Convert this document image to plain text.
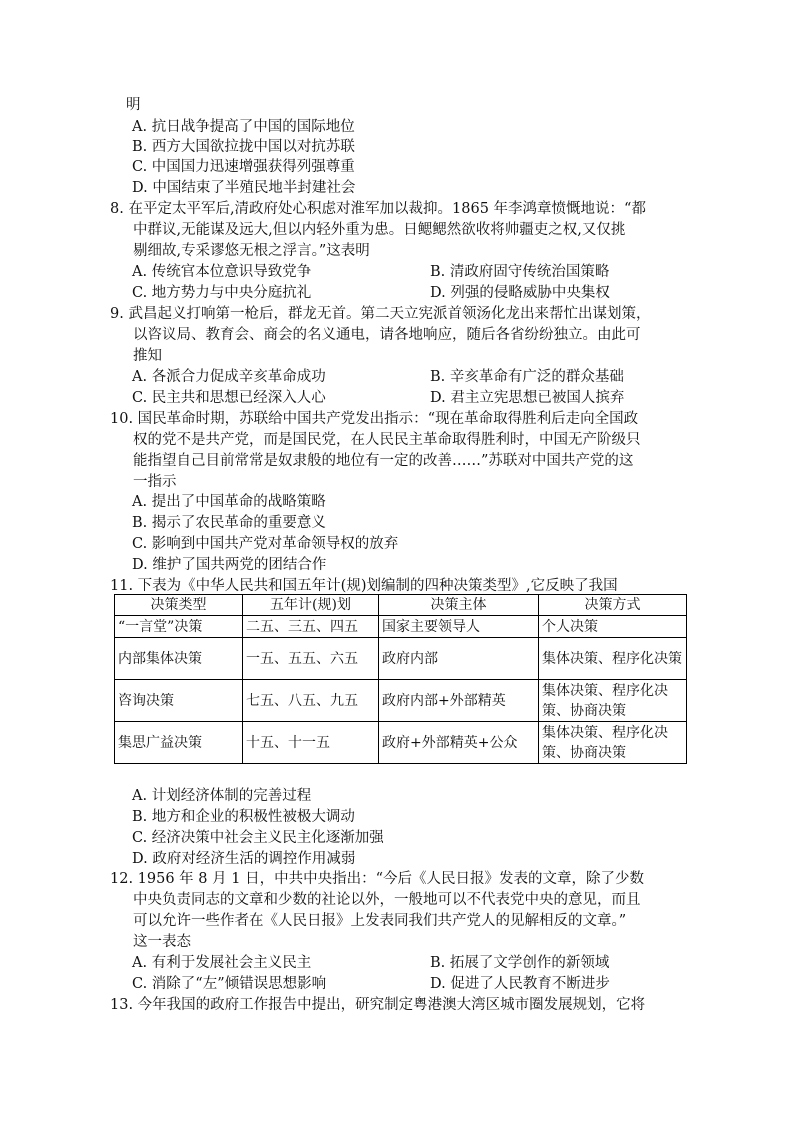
明
A. 抗日战争提高了中国的国际地位
B. 西方大国欲拉拢中国以对抗苏联
C. 中国国力迅速增强获得列强尊重
D. 中国结束了半殖民地半封建社会
8. 在平定太平军后,清政府处心积虑对淮军加以裁抑。1865 年李鸿章愤慨地说：“都
中群议,无能谋及远大,但以内轻外重为患。日鳃鳃然欲收将帅疆吏之权,又仅挑
剔细故,专采谬悠无根之浮言。”这表明
A. 传统官本位意识导致党争	B. 清政府固守传统治国策略
C. 地方势力与中央分庭抗礼	D. 列强的侵略威胁中央集权
9. 武昌起义打响第一枪后，群龙无首。第二天立宪派首领汤化龙出来帮忙出谋划策，
以咨议局、教育会、商会的名义通电，请各地响应，随后各省纷纷独立。由此可
推知
A. 各派合力促成辛亥革命成功	B. 辛亥革命有广泛的群众基础
C. 民主共和思想已经深入人心	D. 君主立宪思想已被国人摈弃
10. 国民革命时期，苏联给中国共产党发出指示：“现在革命取得胜利后走向全国政
权的党不是共产党，而是国民党，在人民民主革命取得胜利时，中国无产阶级只
能指望自己目前常常是奴隶般的地位有一定的改善……”苏联对中国共产党的这
一指示
A. 提出了中国革命的战略策略
B. 揭示了农民革命的重要意义
C. 影响到中国共产党对革命领导权的放弃
D. 维护了国共两党的团结合作
11. 下表为《中华人民共和国五年计(规)划编制的四种决策类型》,它反映了我国
决策类型	五年计(规)划	决策主体	决策方式
“一言堂”决策	二五、三五、四五	国家主要领导人	个人决策
内部集体决策	一五、五五、六五	政府内部	集体决策、程序化决策
咨询决策	七五、八五、九五	政府内部+外部精英	集体决策、程序化决策、协商决策
集思广益决策	十五、十一五	政府+外部精英+公众	集体决策、程序化决策、协商决策
A. 计划经济体制的完善过程
B. 地方和企业的积极性被极大调动
C. 经济决策中社会主义民主化逐渐加强
D. 政府对经济生活的调控作用减弱
12. 1956 年 8 月 1 日，中共中央指出：“今后《人民日报》发表的文章，除了少数
中央负责同志的文章和少数的社论以外，一般地可以不代表党中央的意见，而且
可以允许一些作者在《人民日报》上发表同我们共产党人的见解相反的文章。”
这一表态
A. 有利于发展社会主义民主	B. 拓展了文学创作的新领域
C. 消除了“左”倾错误思想影响	D. 促进了人民教育不断进步
13. 今年我国的政府工作报告中提出，研究制定粤港澳大湾区城市圈发展规划，它将
